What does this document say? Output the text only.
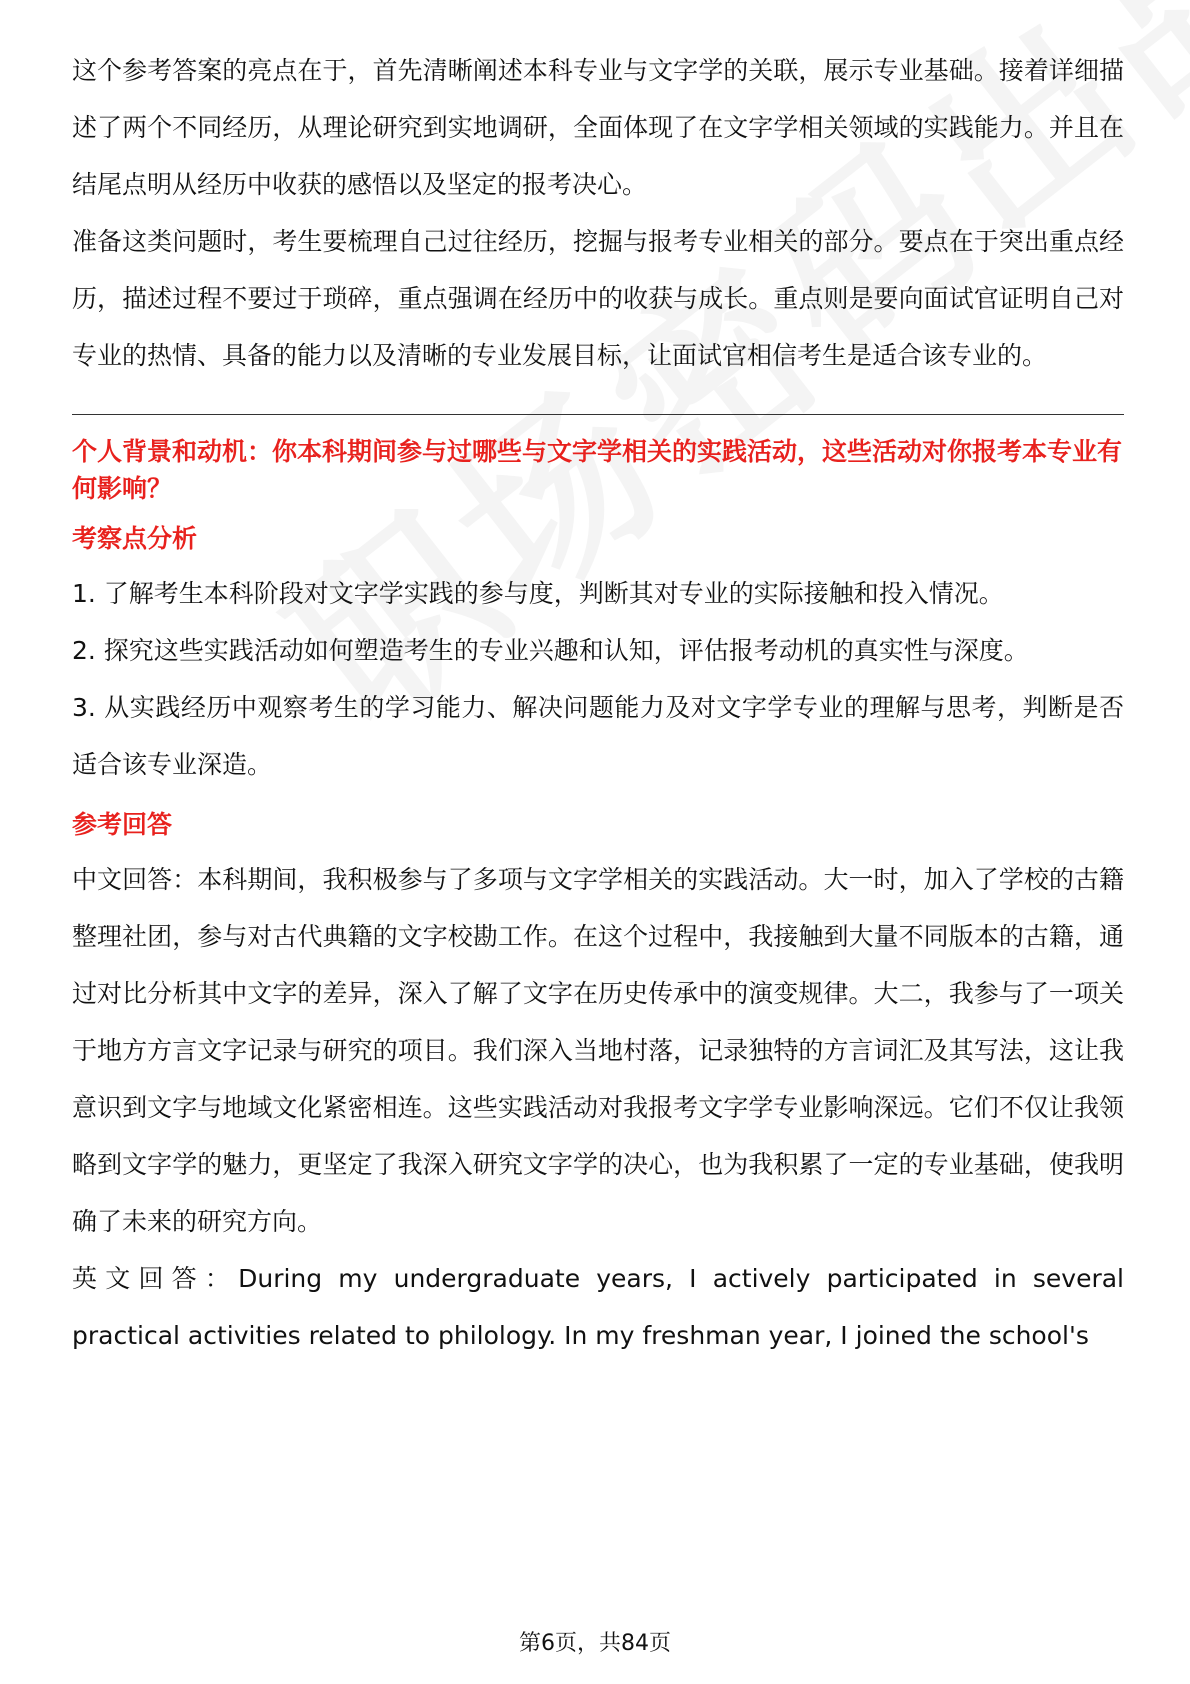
这个参考答案的亮点在于，首先清晰阐述本科专业与文字学的关联，展示专业基础。接着详细描述了两个不同经历，从理论研究到实地调研，全面体现了在文字学相关领域的实践能力。并且在结尾点明从经历中收获的感悟以及坚定的报考决心。

准备这类问题时，考生要梳理自己过往经历，挖掘与报考专业相关的部分。要点在于突出重点经历，描述过程不要过于琐碎，重点强调在经历中的收获与成长。重点则是要向面试官证明自己对专业的热情、具备的能力以及清晰的专业发展目标，让面试官相信考生是适合该专业的。

个人背景和动机：你本科期间参与过哪些与文字学相关的实践活动，这些活动对你报考本专业有何影响？

考察点分析

1. 了解考生本科阶段对文字学实践的参与度，判断其对专业的实际接触和投入情况。

2. 探究这些实践活动如何塑造考生的专业兴趣和认知，评估报考动机的真实性与深度。

3. 从实践经历中观察考生的学习能力、解决问题能力及对文字学专业的理解与思考，判断是否适合该专业深造。

参考回答

中文回答：本科期间，我积极参与了多项与文字学相关的实践活动。大一时，加入了学校的古籍整理社团，参与对古代典籍的文字校勘工作。在这个过程中，我接触到大量不同版本的古籍，通过对比分析其中文字的差异，深入了解了文字在历史传承中的演变规律。大二，我参与了一项关于地方方言文字记录与研究的项目。我们深入当地村落，记录独特的方言词汇及其写法，这让我意识到文字与地域文化紧密相连。这些实践活动对我报考文字学专业影响深远。它们不仅让我领略到文字学的魅力，更坚定了我深入研究文字学的决心，也为我积累了一定的专业基础，使我明确了未来的研究方向。

英文回答：During my undergraduate years, I actively participated in several practical activities related to philology. In my freshman year, I joined the school's

第6页，共84页
